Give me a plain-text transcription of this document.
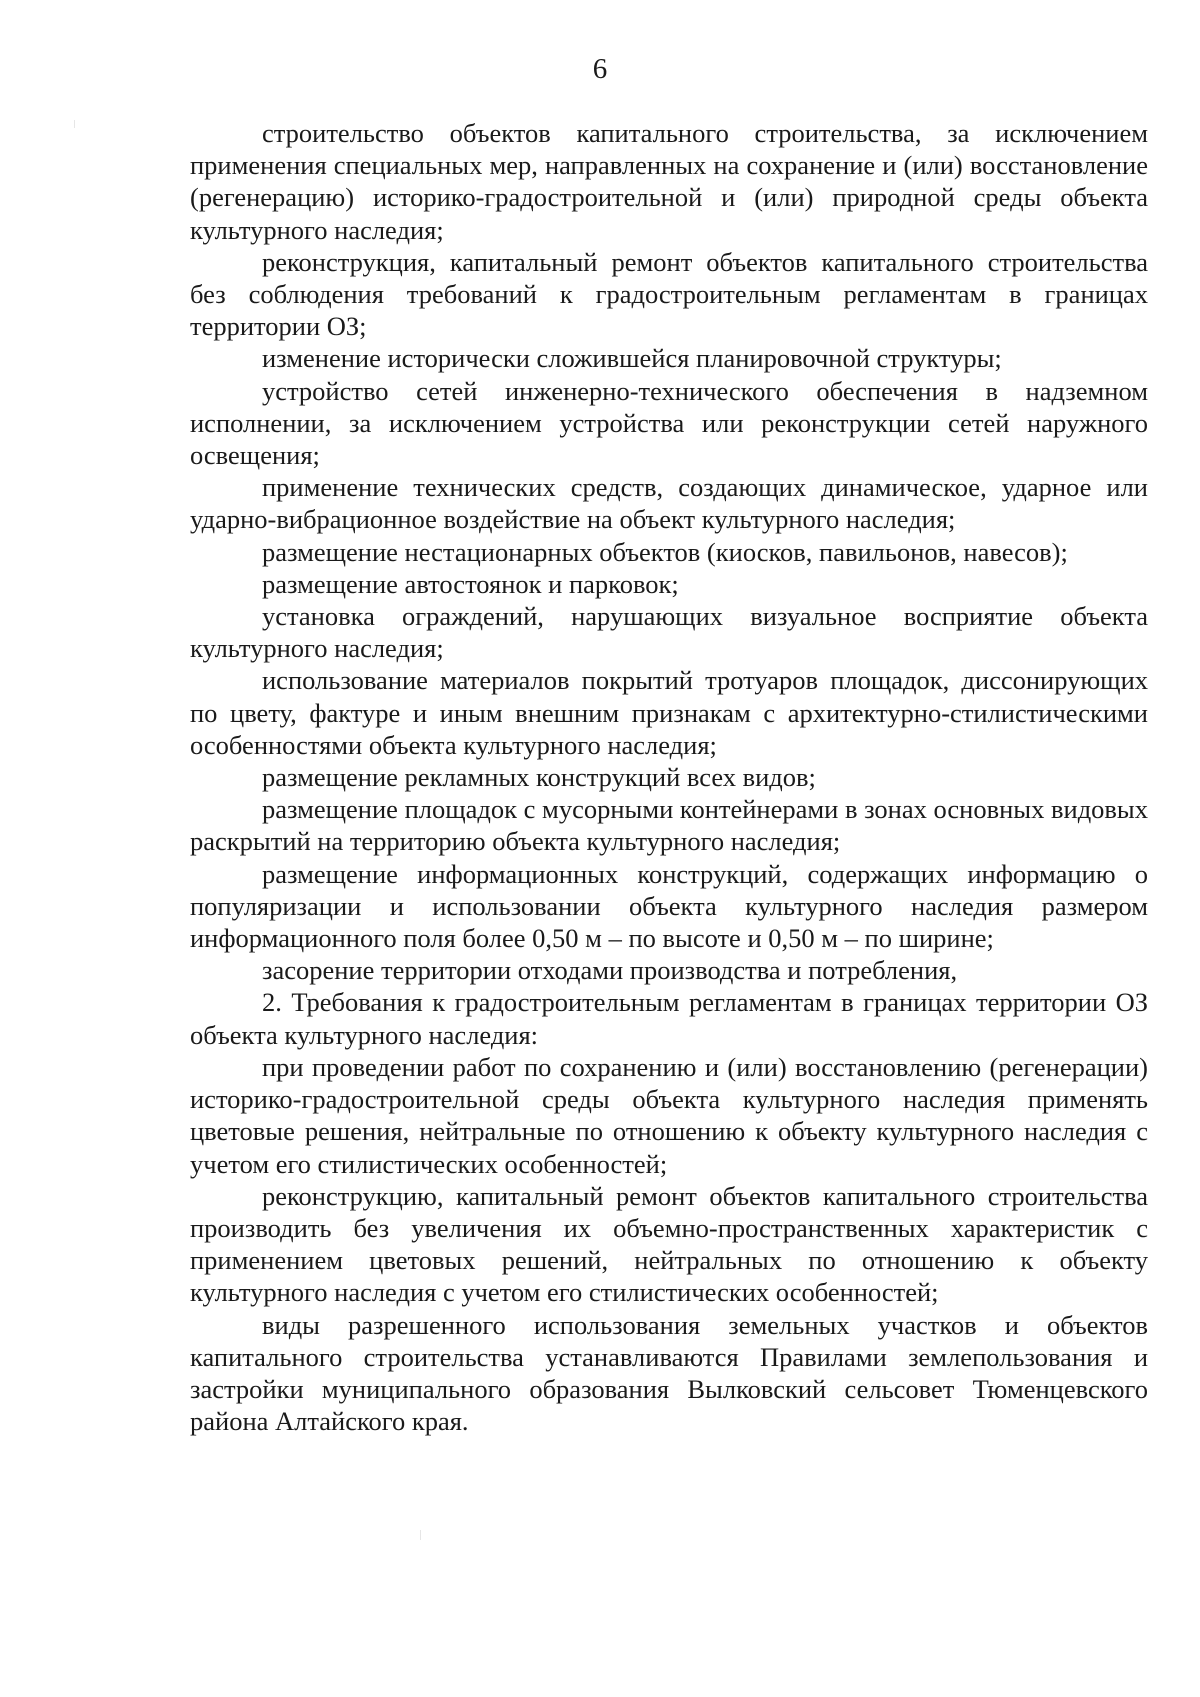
6

строительство объектов капитального строительства, за исключением применения специальных мер, направленных на сохранение и (или) восстановление (регенерацию) историко-градостроительной и (или) природной среды объекта культурного наследия;

реконструкция, капитальный ремонт объектов капитального строительства без соблюдения требований к градостроительным регламентам в границах территории ОЗ;

изменение исторически сложившейся планировочной структуры;

устройство сетей инженерно-технического обеспечения в надземном исполнении, за исключением устройства или реконструкции сетей наружного освещения;

применение технических средств, создающих динамическое, ударное или ударно-вибрационное воздействие на объект культурного наследия;

размещение нестационарных объектов (киосков, павильонов, навесов);

размещение автостоянок и парковок;

установка ограждений, нарушающих визуальное восприятие объекта культурного наследия;

использование материалов покрытий тротуаров площадок, диссонирующих по цвету, фактуре и иным внешним признакам с архитектурно-стилистическими особенностями объекта культурного наследия;

размещение рекламных конструкций всех видов;

размещение площадок с мусорными контейнерами в зонах основных видовых раскрытий на территорию объекта культурного наследия;

размещение информационных конструкций, содержащих информацию о популяризации и использовании объекта культурного наследия размером информационного поля более 0,50 м – по высоте и 0,50 м – по ширине;

засорение территории отходами производства и потребления,

2. Требования к градостроительным регламентам в границах территории ОЗ объекта культурного наследия:

при проведении работ по сохранению и (или) восстановлению (регенерации) историко-градостроительной среды объекта культурного наследия применять цветовые решения, нейтральные по отношению к объекту культурного наследия с учетом его стилистических особенностей;

реконструкцию, капитальный ремонт объектов капитального строительства производить без увеличения их объемно-пространственных характеристик с применением цветовых решений, нейтральных по отношению к объекту культурного наследия с учетом его стилистических особенностей;

виды разрешенного использования земельных участков и объектов капитального строительства устанавливаются Правилами землепользования и застройки муниципального образования Вылковский сельсовет Тюменцевского района Алтайского края.
